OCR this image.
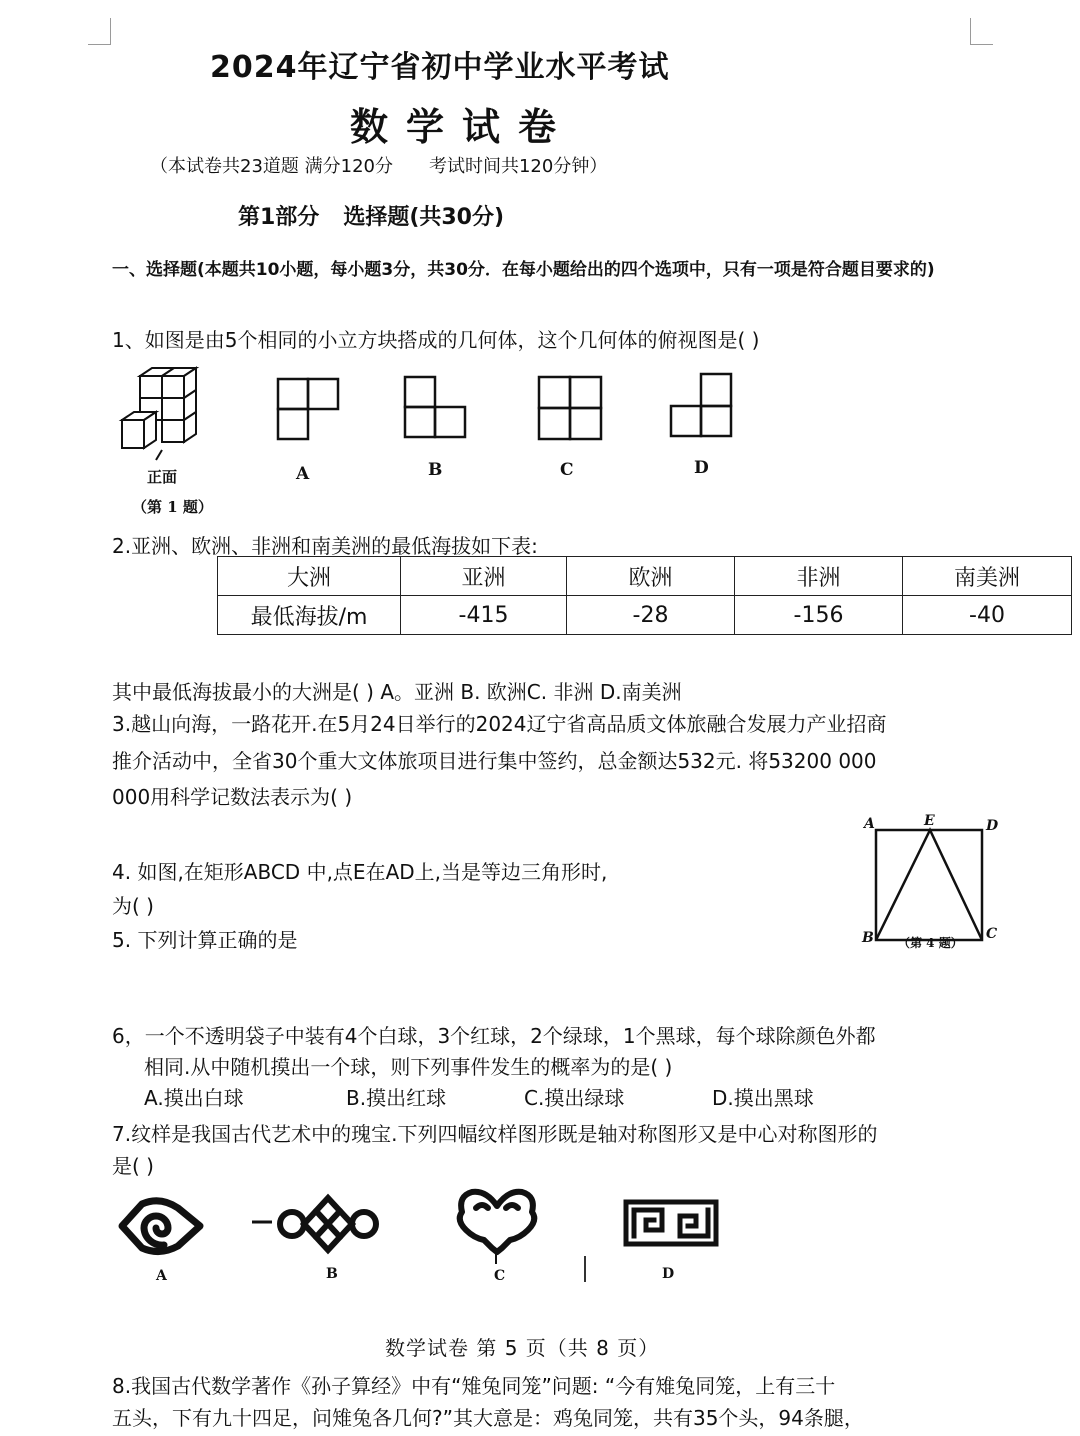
2024年辽宁省初中学业水平考试
数学试卷
（本试卷共23道题 满分120分 考试时间共120分钟）
第1部分 选择题(共30分)
一、选择题(本题共10小题，每小题3分，共30分．在每小题给出的四个选项中，只有一项是符合题目要求的)
1、如图是由5个相同的小立方块搭成的几何体，这个几何体的俯视图是( )
正面
（第 1 题）
A	B	C	D
2.亚洲、欧洲、非洲和南美洲的最低海拔如下表:
大洲	亚洲	欧洲	非洲	南美洲
最低海拔/m	-415	-28	-156	-40
其中最低海拔最小的大洲是( ) A。亚洲 B. 欧洲C. 非洲 D.南美洲
3.越山向海，一路花开.在5月24日举行的2024辽宁省高品质文体旅融合发展力产业招商
推介活动中，全省30个重大文体旅项目进行集中签约，总金额达532元. 将53200 000
000用科学记数法表示为( )
A	E	D
B	C
（第 4 题）
4. 如图,在矩形ABCD 中,点E在AD上,当是等边三角形时,
为( )
5. 下列计算正确的是
6，一个不透明袋子中装有4个白球，3个红球，2个绿球，1个黑球，每个球除颜色外都
相同.从中随机摸出一个球，则下列事件发生的概率为的是( )
A.摸出白球	B.摸出红球	C.摸出绿球	D.摸出黑球
7.纹样是我国古代艺术中的瑰宝.下列四幅纹样图形既是轴对称图形又是中心对称图形的
是( )
A	B	C	D
数学试卷 第 5 页（共 8 页）
8.我国古代数学著作《孙子算经》中有“雉兔同笼”问题: “今有雉兔同笼，上有三十
五头，下有九十四足，问雉兔各几何?”其大意是：鸡兔同笼，共有35个头，94条腿，
